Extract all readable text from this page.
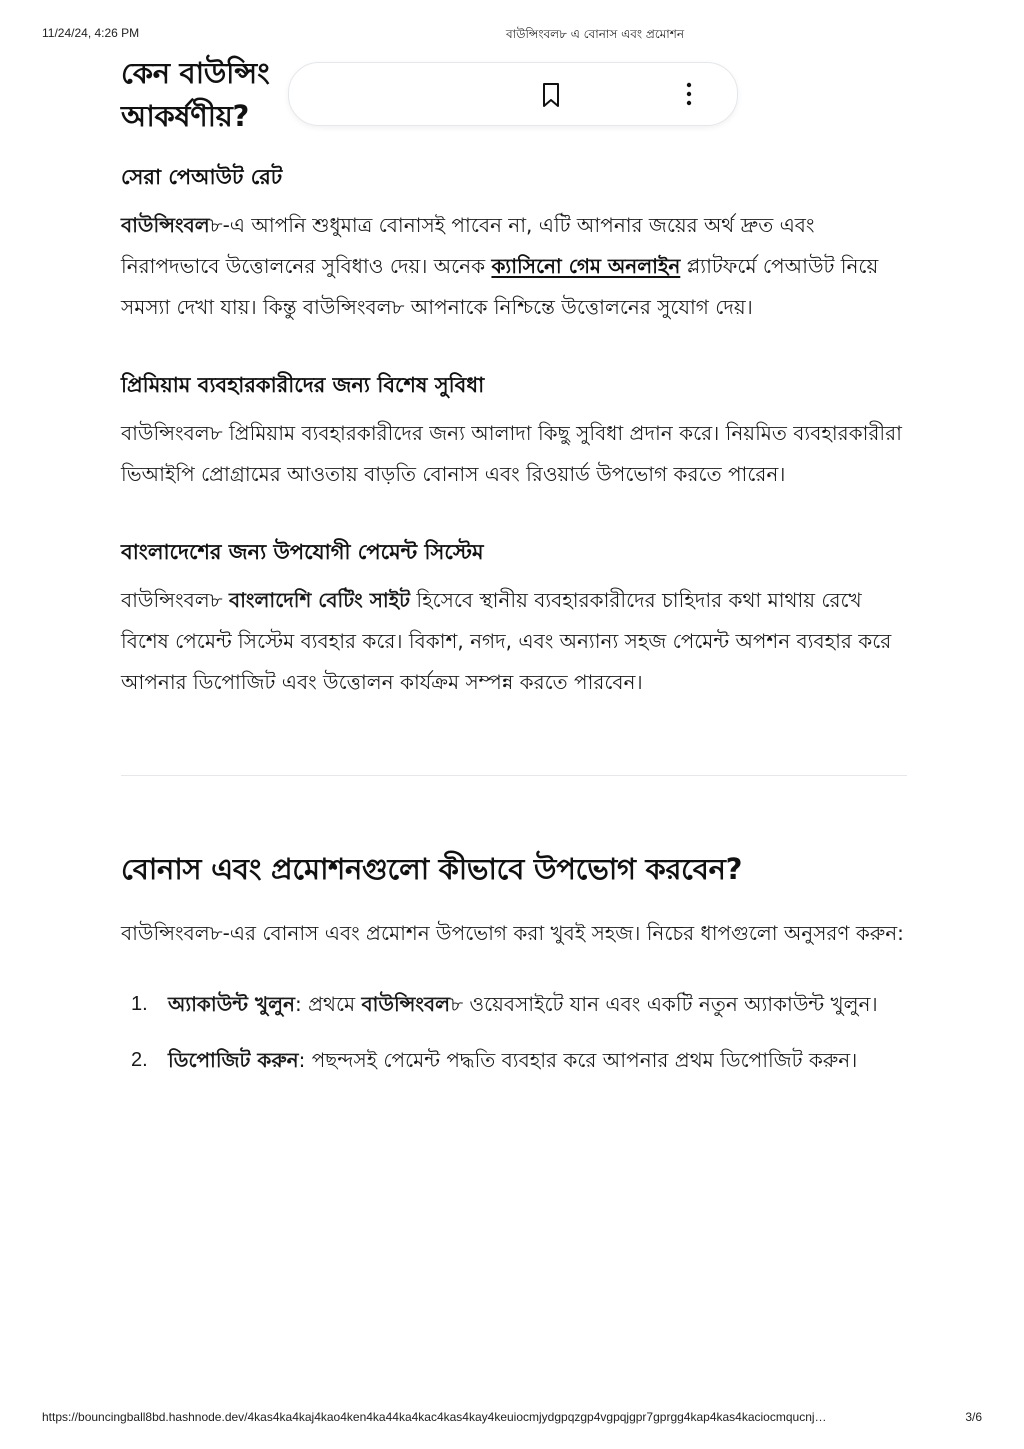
11/24/24, 4:26 PM	বাউন্সিংবল৮ এ বোনাস এবং প্রমোশন
কেন বাউন্সিং
আকর্ষণীয়?
সেরা পেআউট রেট

বাউন্সিংবল৮-এ আপনি শুধুমাত্র বোনাসই পাবেন না, এটি আপনার জয়ের অর্থ দ্রুত এবং নিরাপদভাবে উত্তোলনের সুবিধাও দেয়। অনেক ক্যাসিনো গেম অনলাইন প্ল্যাটফর্মে পেআউট নিয়ে সমস্যা দেখা যায়। কিন্তু বাউন্সিংবল৮ আপনাকে নিশ্চিন্তে উত্তোলনের সুযোগ দেয়।

প্রিমিয়াম ব্যবহারকারীদের জন্য বিশেষ সুবিধা

বাউন্সিংবল৮ প্রিমিয়াম ব্যবহারকারীদের জন্য আলাদা কিছু সুবিধা প্রদান করে। নিয়মিত ব্যবহারকারীরা ভিআইপি প্রোগ্রামের আওতায় বাড়তি বোনাস এবং রিওয়ার্ড উপভোগ করতে পারেন।

বাংলাদেশের জন্য উপযোগী পেমেন্ট সিস্টেম

বাউন্সিংবল৮ বাংলাদেশি বেটিং সাইট হিসেবে স্থানীয় ব্যবহারকারীদের চাহিদার কথা মাথায় রেখে বিশেষ পেমেন্ট সিস্টেম ব্যবহার করে। বিকাশ, নগদ, এবং অন্যান্য সহজ পেমেন্ট অপশন ব্যবহার করে আপনার ডিপোজিট এবং উত্তোলন কার্যক্রম সম্পন্ন করতে পারবেন।

বোনাস এবং প্রমোশনগুলো কীভাবে উপভোগ করবেন?

বাউন্সিংবল৮-এর বোনাস এবং প্রমোশন উপভোগ করা খুবই সহজ। নিচের ধাপগুলো অনুসরণ করুন:

1. অ্যাকাউন্ট খুলুন: প্রথমে বাউন্সিংবল৮ ওয়েবসাইটে যান এবং একটি নতুন অ্যাকাউন্ট খুলুন।
2. ডিপোজিট করুন: পছন্দসই পেমেন্ট পদ্ধতি ব্যবহার করে আপনার প্রথম ডিপোজিট করুন।
https://bouncingball8bd.hashnode.dev/4kas4ka4kaj4kao4ken4ka44ka4kac4kas4kay4keuiocmjydgpqzgp4vgpqjgpr7gprgg4kap4kas4kaciocmqucnj…	3/6
